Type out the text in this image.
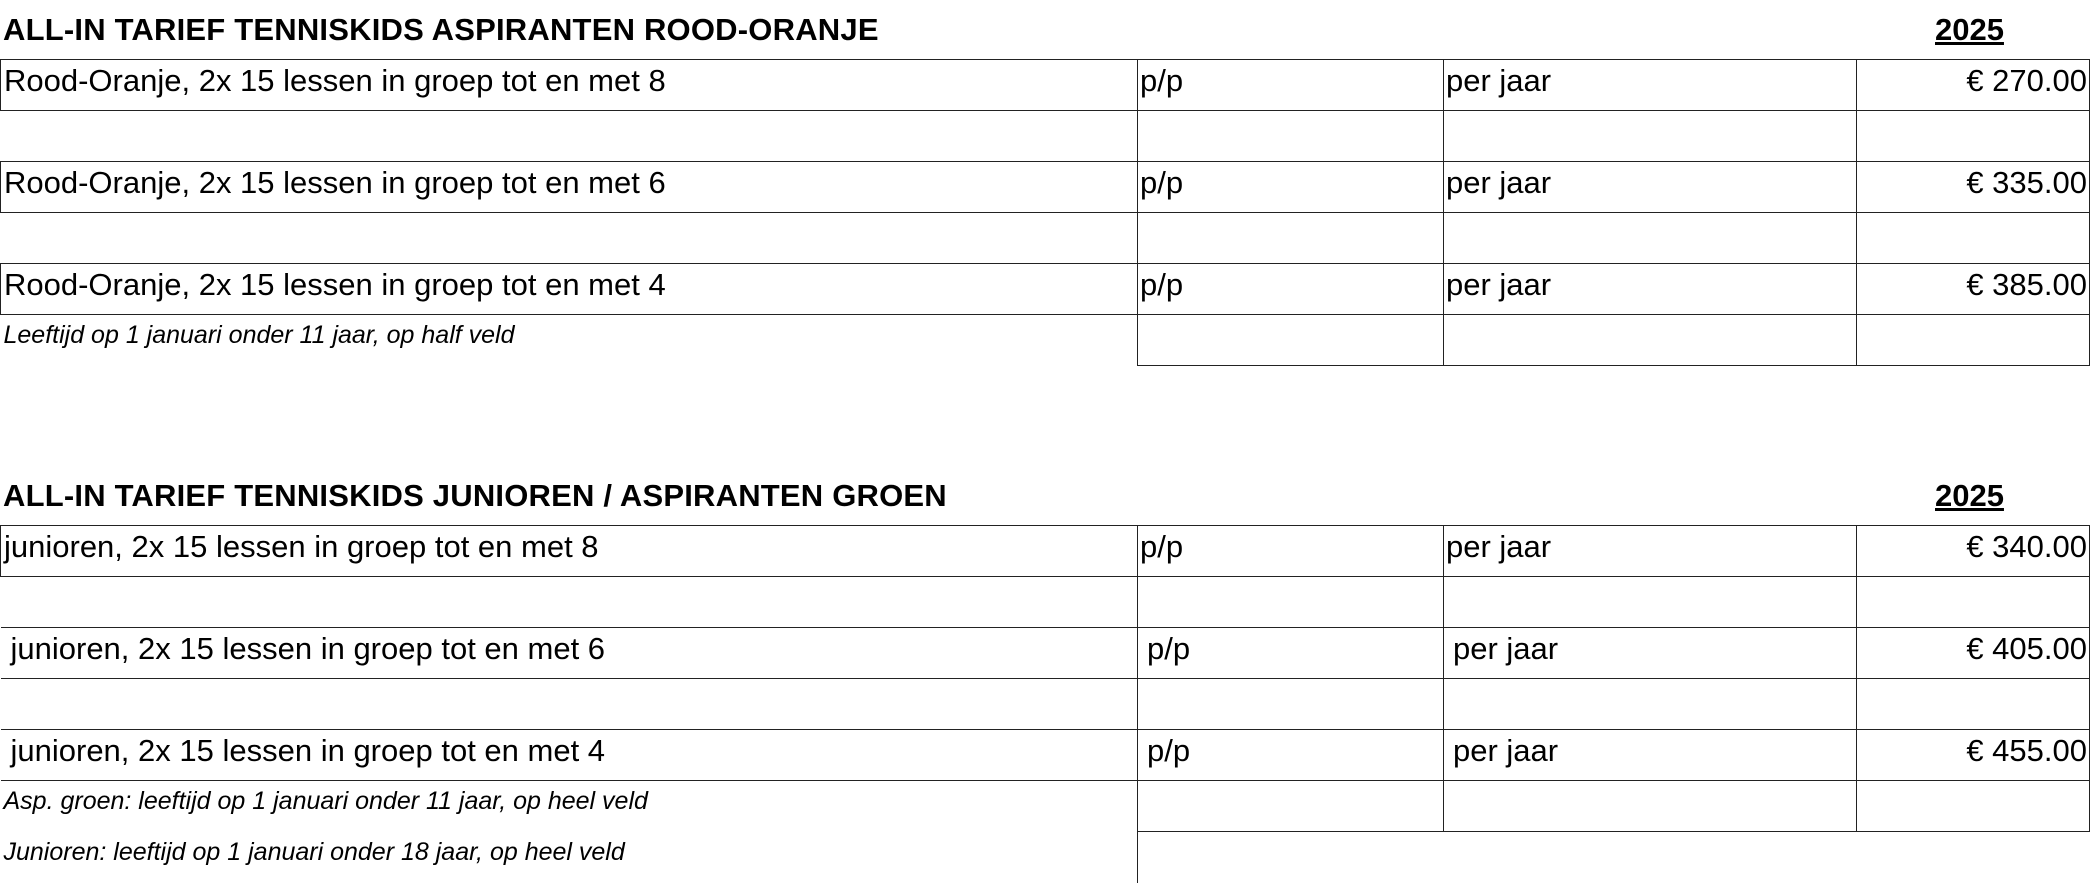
ALL-IN TARIEF TENNISKIDS ASPIRANTEN ROOD-ORANJE	2025
Rood-Oranje, 2x 15 lessen in groep tot en met 8	p/p	per jaar	€ 270.00

Rood-Oranje, 2x 15 lessen in groep tot en met 6	p/p	per jaar	€ 335.00

Rood-Oranje, 2x 15 lessen in groep tot en met 4	p/p	per jaar	€ 385.00

Leeftijd op 1 januari onder 11 jaar, op half veld			

ALL-IN TARIEF TENNISKIDS JUNIOREN / ASPIRANTEN GROEN	2025
junioren, 2x 15 lessen in groep tot en met 8	p/p	per jaar	€ 340.00

junioren, 2x 15 lessen in groep tot en met 6	p/p	per jaar	€ 405.00

junioren, 2x 15 lessen in groep tot en met 4	p/p	per jaar	€ 455.00

Asp. groen: leeftijd op 1 januari onder 11 jaar, op heel veld			

Junioren: leeftijd op 1 januari onder 18 jaar, op heel veld			
